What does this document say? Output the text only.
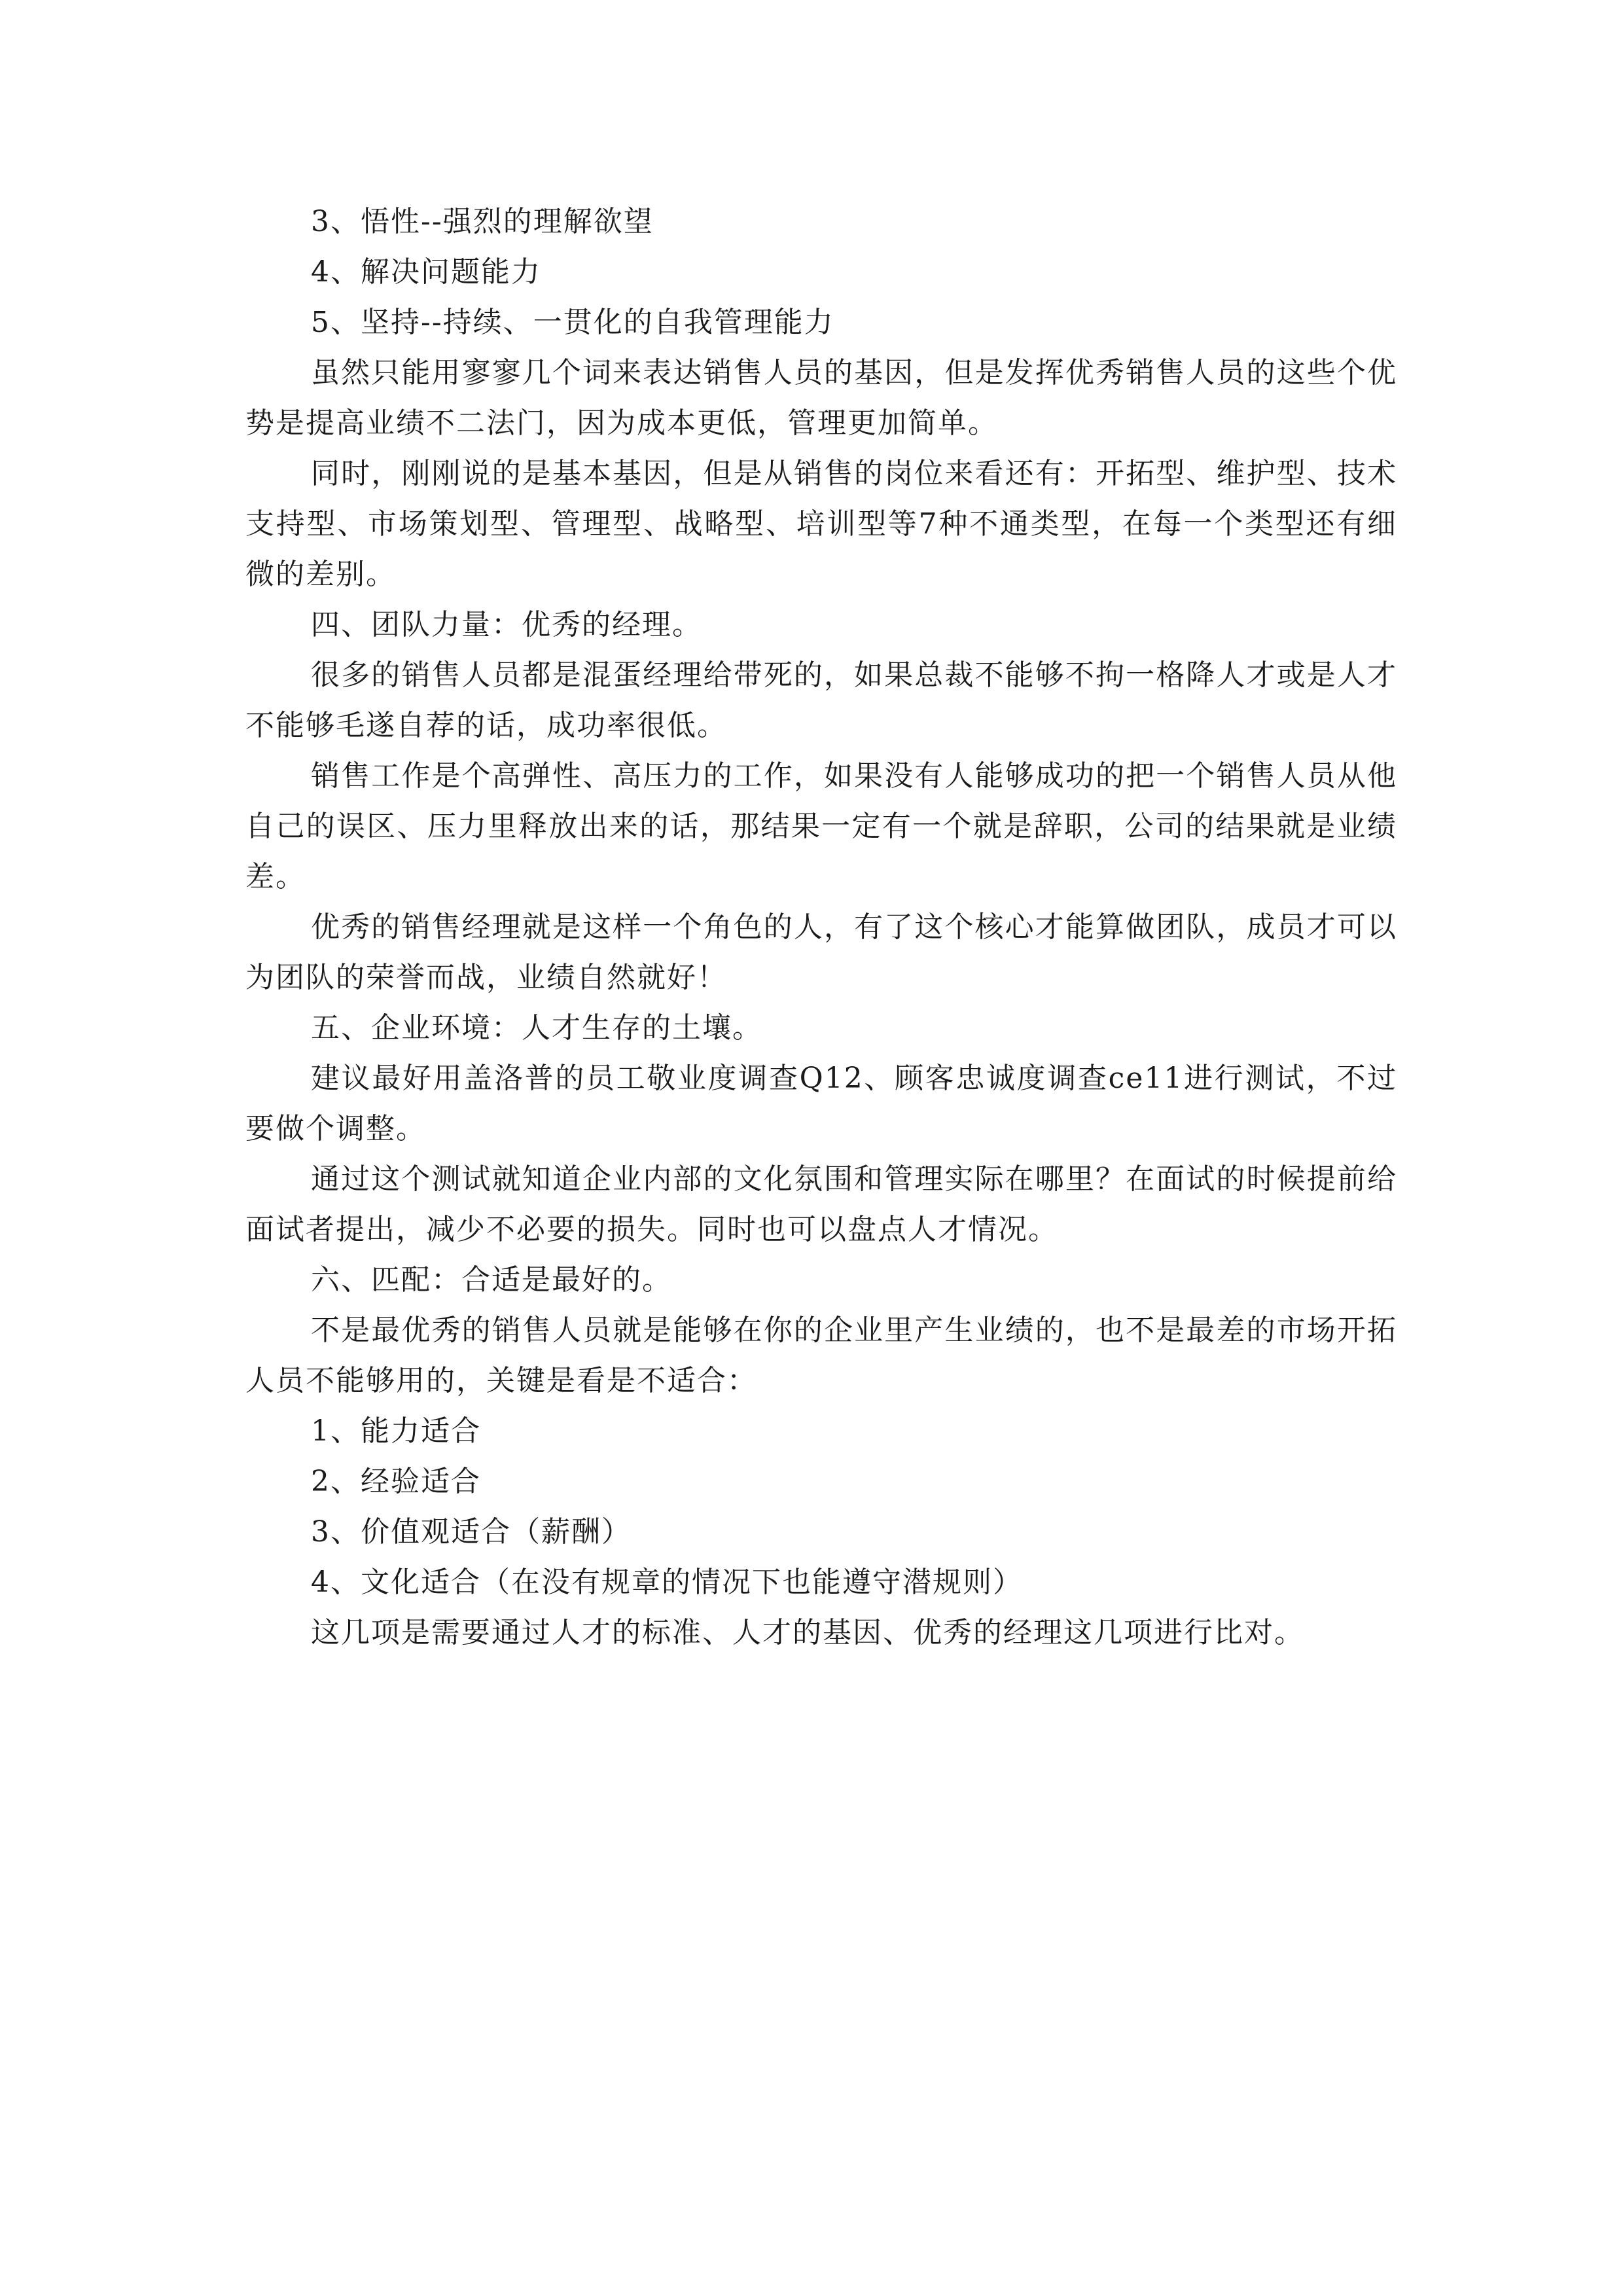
3、悟性--强烈的理解欲望

4、解决问题能力

5、坚持--持续、一贯化的自我管理能力

虽然只能用寥寥几个词来表达销售人员的基因，但是发挥优秀销售人员的这些个优势是提高业绩不二法门，因为成本更低，管理更加简单。

同时，刚刚说的是基本基因，但是从销售的岗位来看还有：开拓型、维护型、技术支持型、市场策划型、管理型、战略型、培训型等7种不通类型，在每一个类型还有细微的差别。

四、团队力量：优秀的经理。

很多的销售人员都是混蛋经理给带死的，如果总裁不能够不拘一格降人才或是人才不能够毛遂自荐的话，成功率很低。

销售工作是个高弹性、高压力的工作，如果没有人能够成功的把一个销售人员从他自己的误区、压力里释放出来的话，那结果一定有一个就是辞职，公司的结果就是业绩差。

优秀的销售经理就是这样一个角色的人，有了这个核心才能算做团队，成员才可以为团队的荣誉而战，业绩自然就好！

五、企业环境：人才生存的土壤。

建议最好用盖洛普的员工敬业度调查Q12、顾客忠诚度调查ce11进行测试，不过要做个调整。

通过这个测试就知道企业内部的文化氛围和管理实际在哪里？在面试的时候提前给面试者提出，减少不必要的损失。同时也可以盘点人才情况。

六、匹配：合适是最好的。

不是最优秀的销售人员就是能够在你的企业里产生业绩的，也不是最差的市场开拓人员不能够用的，关键是看是不适合：

1、能力适合

2、经验适合

3、价值观适合（薪酬）

4、文化适合（在没有规章的情况下也能遵守潜规则）

这几项是需要通过人才的标准、人才的基因、优秀的经理这几项进行比对。
